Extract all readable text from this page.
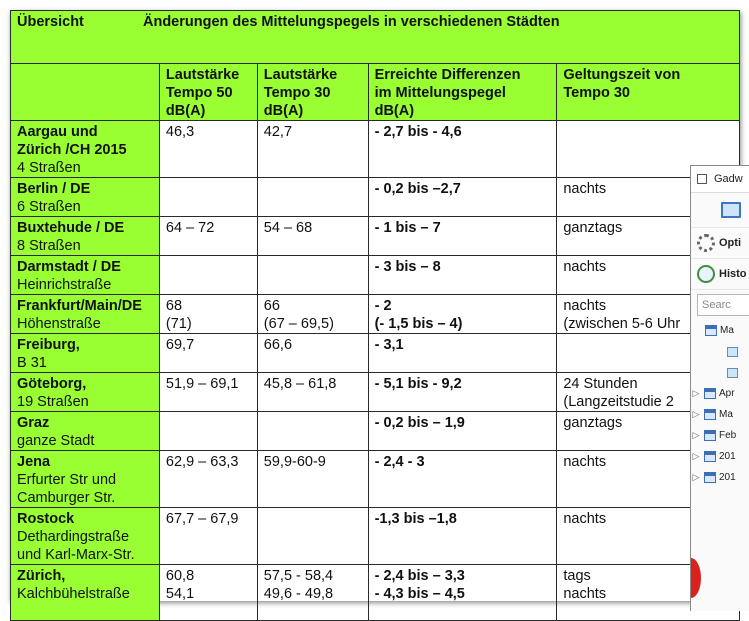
Übersicht Änderungen des Mittelungspegels in verschiedenen Städten				

	Lautstärke
Tempo 50
dB(A)	Lautstärke
Tempo 30
dB(A)	Erreichte Differenzen
im Mittelungspegel
dB(A)	Geltungszeit von
Tempo 30

Aargau und
Zürich /CH 2015
4 Straßen	46,3	42,7	- 2,7 bis - 4,6	

Berlin / DE
6 Straßen			- 0,2 bis –2,7	nachts

Buxtehude / DE
8 Straßen	64 – 72	54 – 68	- 1 bis – 7	ganztags

Darmstadt / DE
Heinrichstraße			- 3 bis – 8	nachts

Frankfurt/Main/DE
Höhenstraße	68
(71)	66
(67 – 69,5)	- 2
(- 1,5 bis – 4)	nachts
(zwischen 5-6 Uhr

Freiburg,
B 31	69,7	66,6	- 3,1	

Göteborg,
19 Straßen	51,9 – 69,1	45,8 – 61,8	- 5,1 bis - 9,2	24 Stunden
(Langzeitstudie 2

Graz
ganze Stadt			- 0,2 bis – 1,9	ganztags

Jena
Erfurter Str und
Camburger Str.	62,9 – 63,3	59,9-60-9	- 2,4 - 3	nachts

Rostock
Dethardingstraße
und Karl-Marx-Str.	67,7 – 67,9		-1,3 bis –1,8	nachts

Zürich,
Kalchbühelstraße	60,8
54,1	57,5 - 58,4
49,6 - 49,8	- 2,4 bis – 3,3
- 4,3 bis – 4,5	tags
nachts
Gadw
Opti
Histo
Searc
Ma
▷ Apr
▷ Ma
▷ Feb
▷ 201
▷ 201
